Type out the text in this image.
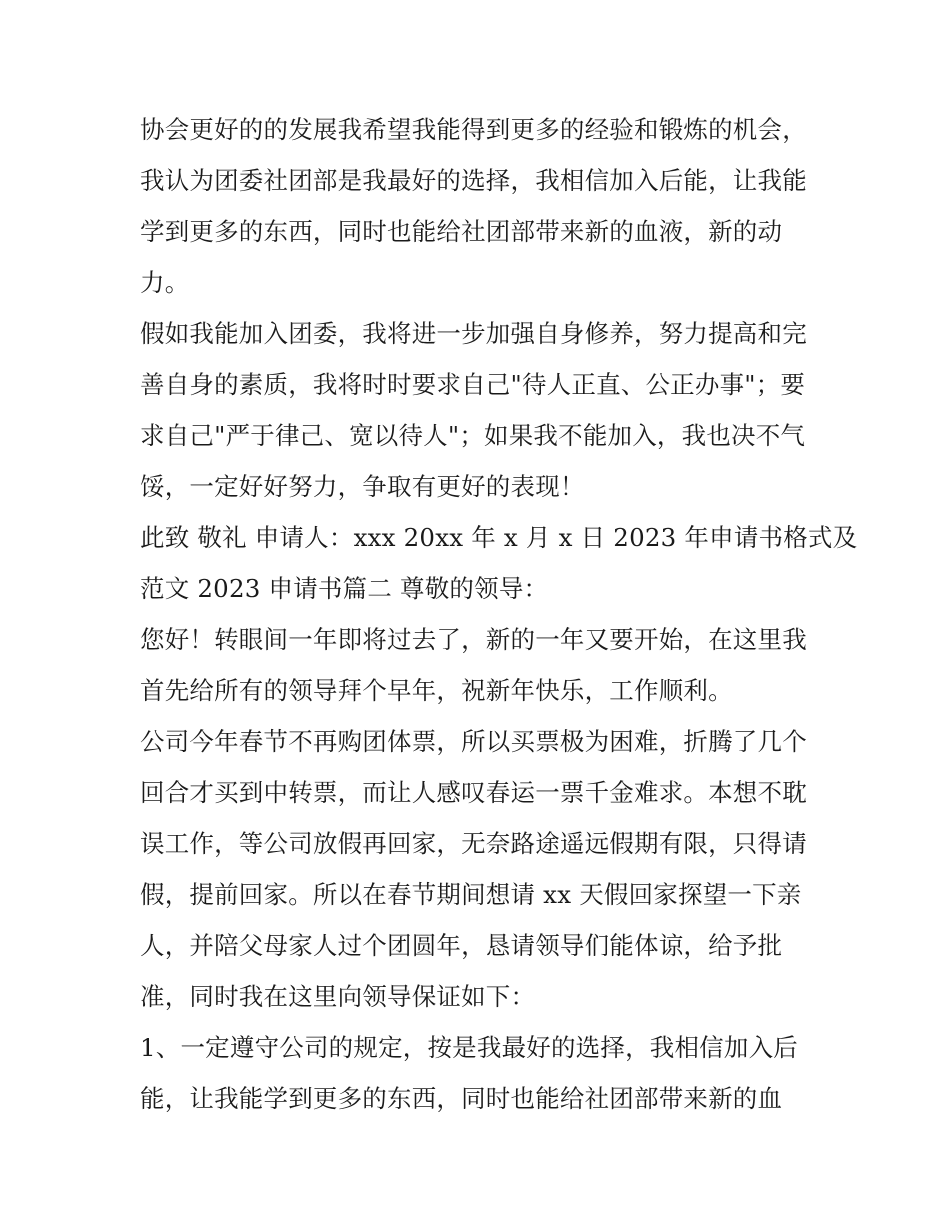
协会更好的的发展我希望我能得到更多的经验和锻炼的机会，
我认为团委社团部是我最好的选择，我相信加入后能，让我能
学到更多的东西，同时也能给社团部带来新的血液，新的动
力。
假如我能加入团委，我将进一步加强自身修养，努力提高和完
善自身的素质，我将时时要求自己"待人正直、公正办事"；要
求自己"严于律己、宽以待人"；如果我不能加入，我也决不气
馁，一定好好努力，争取有更好的表现！
此致 敬礼 申请人：xxx 20xx 年 x 月 x 日 2023 年申请书格式及
范文 2023 申请书篇二 尊敬的领导：
您好！转眼间一年即将过去了，新的一年又要开始，在这里我
首先给所有的领导拜个早年，祝新年快乐，工作顺利。
公司今年春节不再购团体票，所以买票极为困难，折腾了几个
回合才买到中转票，而让人感叹春运一票千金难求。本想不耽
误工作，等公司放假再回家，无奈路途遥远假期有限，只得请
假，提前回家。所以在春节期间想请 xx 天假回家探望一下亲
人，并陪父母家人过个团圆年，恳请领导们能体谅，给予批
准，同时我在这里向领导保证如下：
1、一定遵守公司的规定，按是我最好的选择，我相信加入后
能，让我能学到更多的东西，同时也能给社团部带来新的血
